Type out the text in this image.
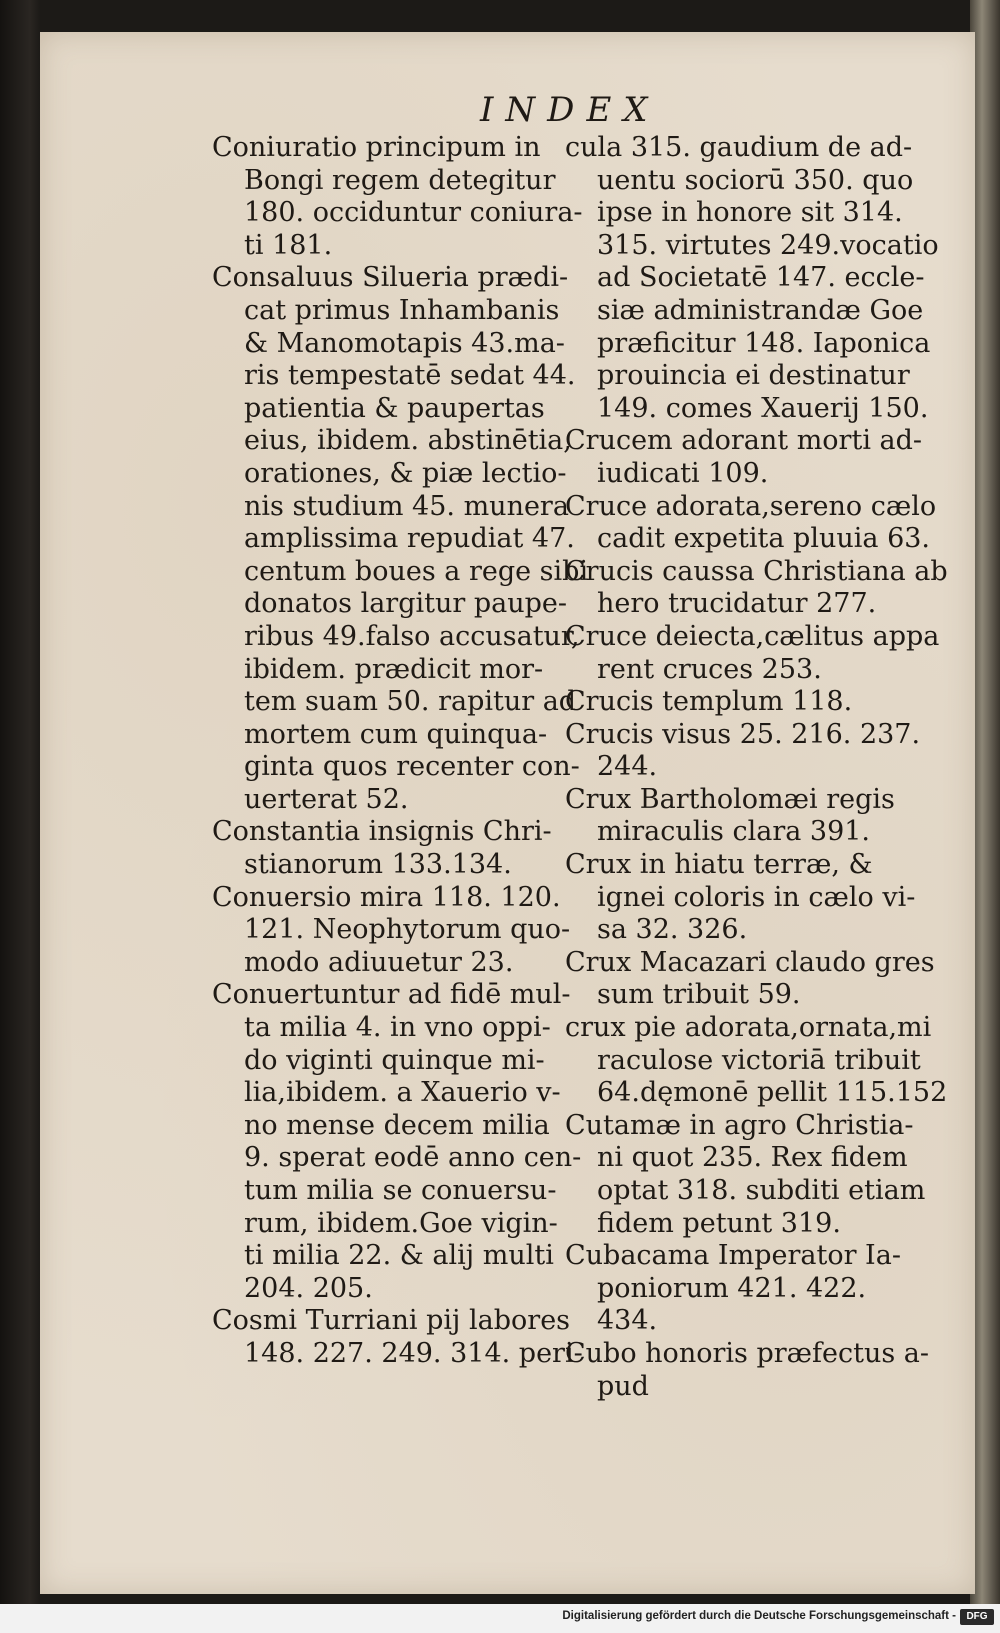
INDEX
Coniuratio principum in
Bongi regem detegitur
180. occiduntur coniura-
ti 181.
Consaluus Silueria prædi-
cat primus Inhambanis
& Manomotapis 43.ma-
ris tempestatē sedat 44.
patientia & paupertas
eius, ibidem. abstinētia,
orationes, & piæ lectio-
nis studium 45. munera
amplissima repudiat 47.
centum boues a rege sibi
donatos largitur paupe-
ribus 49.falso accusatur,
ibidem. prædicit mor-
tem suam 50. rapitur ad
mortem cum quinqua-
ginta quos recenter con-
uerterat 52.
Constantia insignis Chri-
stianorum 133.134.
Conuersio mira 118. 120.
121. Neophytorum quo-
modo adiuuetur 23.
Conuertuntur ad fidē mul-
ta milia 4. in vno oppi-
do viginti quinque mi-
lia,ibidem. a Xauerio v-
no mense decem milia
9. sperat eodē anno cen-
tum milia se conuersu-
rum, ibidem.Goe vigin-
ti milia 22. & alij multi
204. 205.
Cosmi Turriani pij labores
148. 227. 249. 314. peri-
cula 315. gaudium de ad-
uentu sociorū 350. quo
ipse in honore sit 314.
315. virtutes 249.vocatio
ad Societatē 147. eccle-
siæ administrandæ Goe
præficitur 148. Iaponica
prouincia ei destinatur
149. comes Xauerij 150.
Crucem adorant morti ad-
iudicati 109.
Cruce adorata,sereno cælo
cadit expetita pluuia 63.
Crucis caussa Christiana ab
hero trucidatur 277.
Cruce deiecta,cælitus appa
rent cruces 253.
Crucis templum 118.
Crucis visus 25. 216. 237.
244.
Crux Bartholomæi regis
miraculis clara 391.
Crux in hiatu terræ, &
ignei coloris in cælo vi-
sa 32. 326.
Crux Macazari claudo gres
sum tribuit 59.
crux pie adorata,ornata,mi
raculose victoriā tribuit
64.dęmonē pellit 115.152
Cutamæ in agro Christia-
ni quot 235. Rex fidem
optat 318. subditi etiam
fidem petunt 319.
Cubacama Imperator Ia-
poniorum 421. 422.
434.
Cubo honoris præfectus a-
pud
Digitalisierung gefördert durch die Deutsche Forschungsgemeinschaft -	DFG
